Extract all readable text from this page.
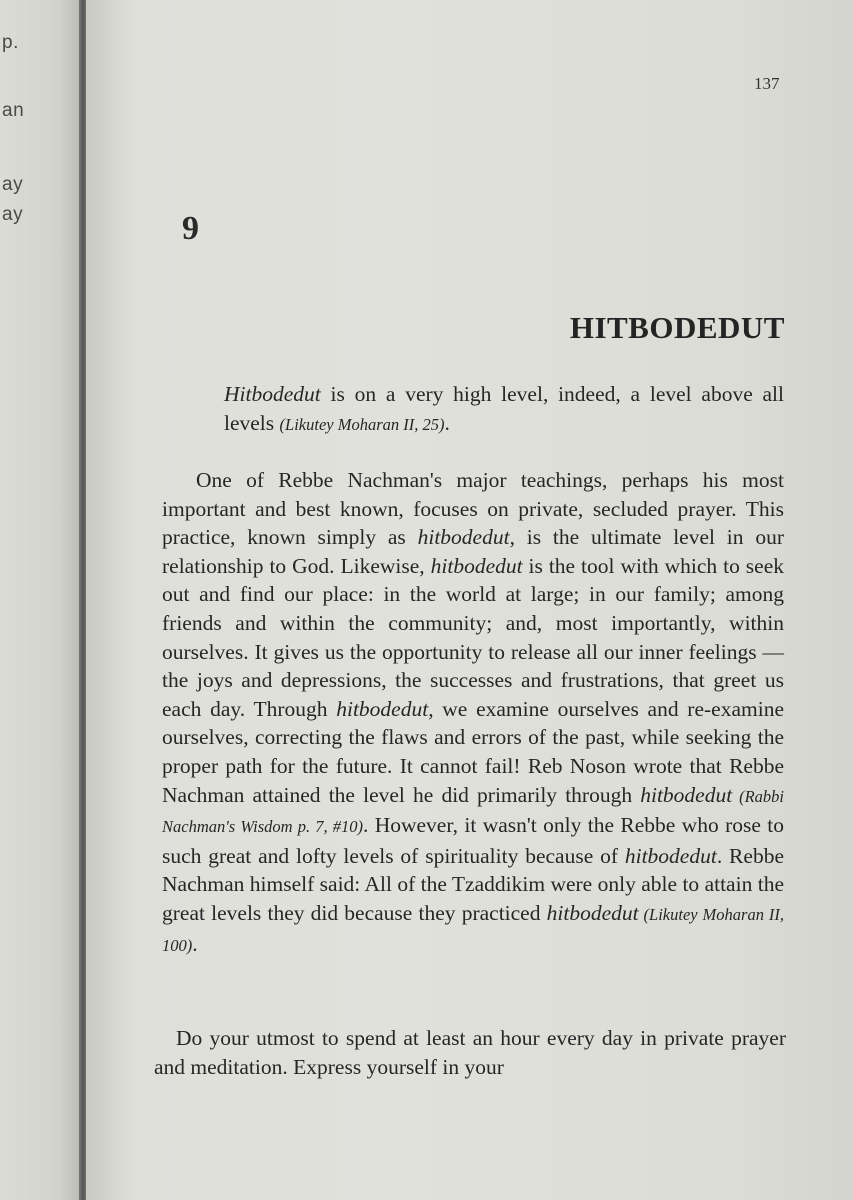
p.
an
ay
ay
137
9
HITBODEDUT

Hitbodedut is on a very high level, indeed, a level above all levels (Likutey Moharan II, 25).

One of Rebbe Nachman's major teachings, perhaps his most important and best known, focuses on private, secluded prayer. This practice, known simply as hitbodedut, is the ultimate level in our relationship to God. Likewise, hitbodedut is the tool with which to seek out and find our place: in the world at large; in our family; among friends and within the community; and, most importantly, within ourselves. It gives us the opportunity to release all our inner feelings — the joys and depressions, the successes and frustrations, that greet us each day. Through hitbodedut, we examine ourselves and re-examine ourselves, correcting the flaws and errors of the past, while seeking the proper path for the future. It cannot fail! Reb Noson wrote that Rebbe Nachman attained the level he did primarily through hitbodedut (Rabbi Nachman's Wisdom p. 7, #10). However, it wasn't only the Rebbe who rose to such great and lofty levels of spirituality because of hitbodedut. Rebbe Nachman himself said: All of the Tzaddikim were only able to attain the great levels they did because they practiced hitbodedut (Likutey Moharan II, 100).

Do your utmost to spend at least an hour every day in private prayer and meditation. Express yourself in your
